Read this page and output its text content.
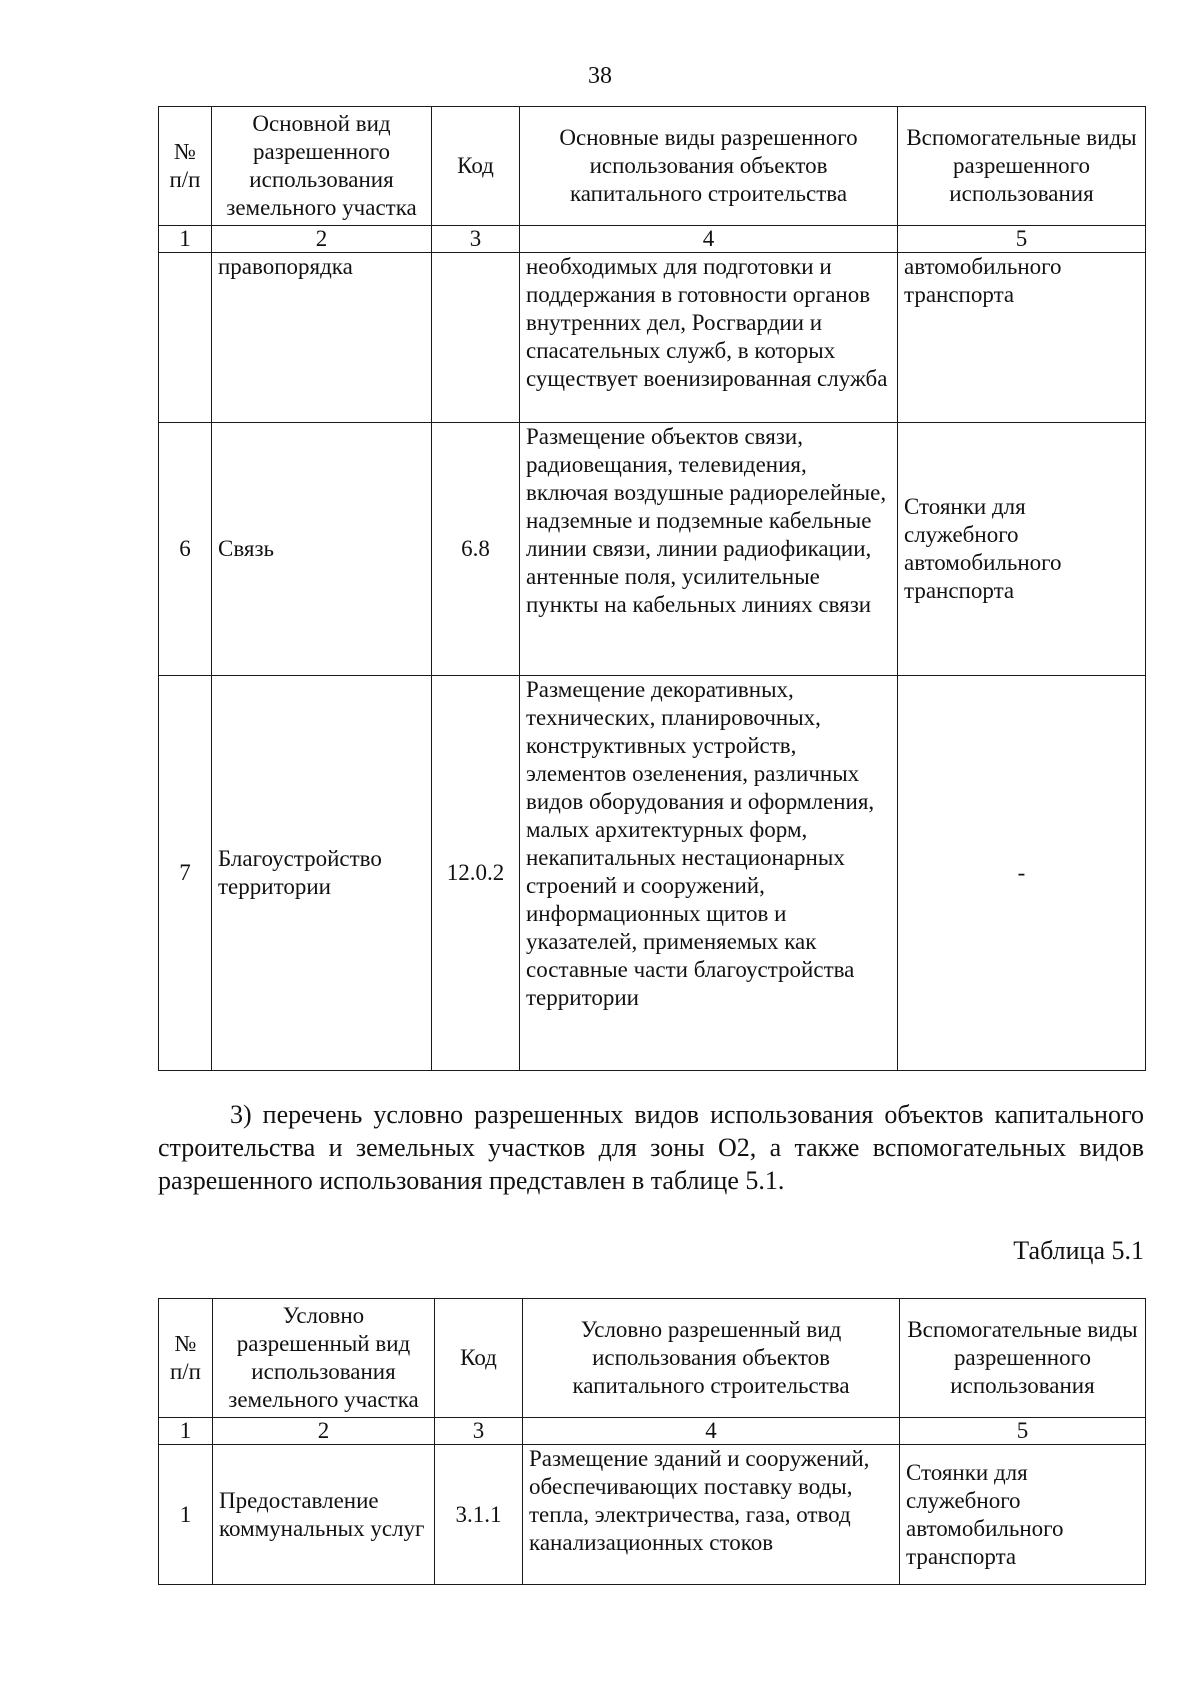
38
№ п/п	Основной вид разрешенного использования земельного участка	Код	Основные виды разрешенного использования объектов капитального строительства	Вспомогательные виды разрешенного использования
1	2	3	4	5
	правопорядка		необходимых для подготовки и поддержания в готовности органов внутренних дел, Росгвардии и спасательных служб, в которых существует военизированная служба	автомобильного транспорта
6	Связь	6.8	Размещение объектов связи, радиовещания, телевидения, включая воздушные радиорелейные, надземные и подземные кабельные линии связи, линии радиофикации, антенные поля, усилительные пункты на кабельных линиях связи	Стоянки для служебного автомобильного транспорта
7	Благоустройство территории	12.0.2	Размещение декоративных, технических, планировочных, конструктивных устройств, элементов озеленения, различных видов оборудования и оформления, малых архитектурных форм, некапитальных нестационарных строений и сооружений, информационных щитов и указателей, применяемых как составные части благоустройства территории	-

3) перечень условно разрешенных видов использования объектов капитального строительства и земельных участков для зоны О2, а также вспомогательных видов разрешенного использования представлен в таблице 5.1.

Таблица 5.1

№ п/п	Условно разрешенный вид использования земельного участка	Код	Условно разрешенный вид использования объектов капитального строительства	Вспомогательные виды разрешенного использования
1	2	3	4	5
1	Предоставление коммунальных услуг	3.1.1	Размещение зданий и сооружений, обеспечивающих поставку воды, тепла, электричества, газа, отвод канализационных стоков	Стоянки для служебного автомобильного транспорта
